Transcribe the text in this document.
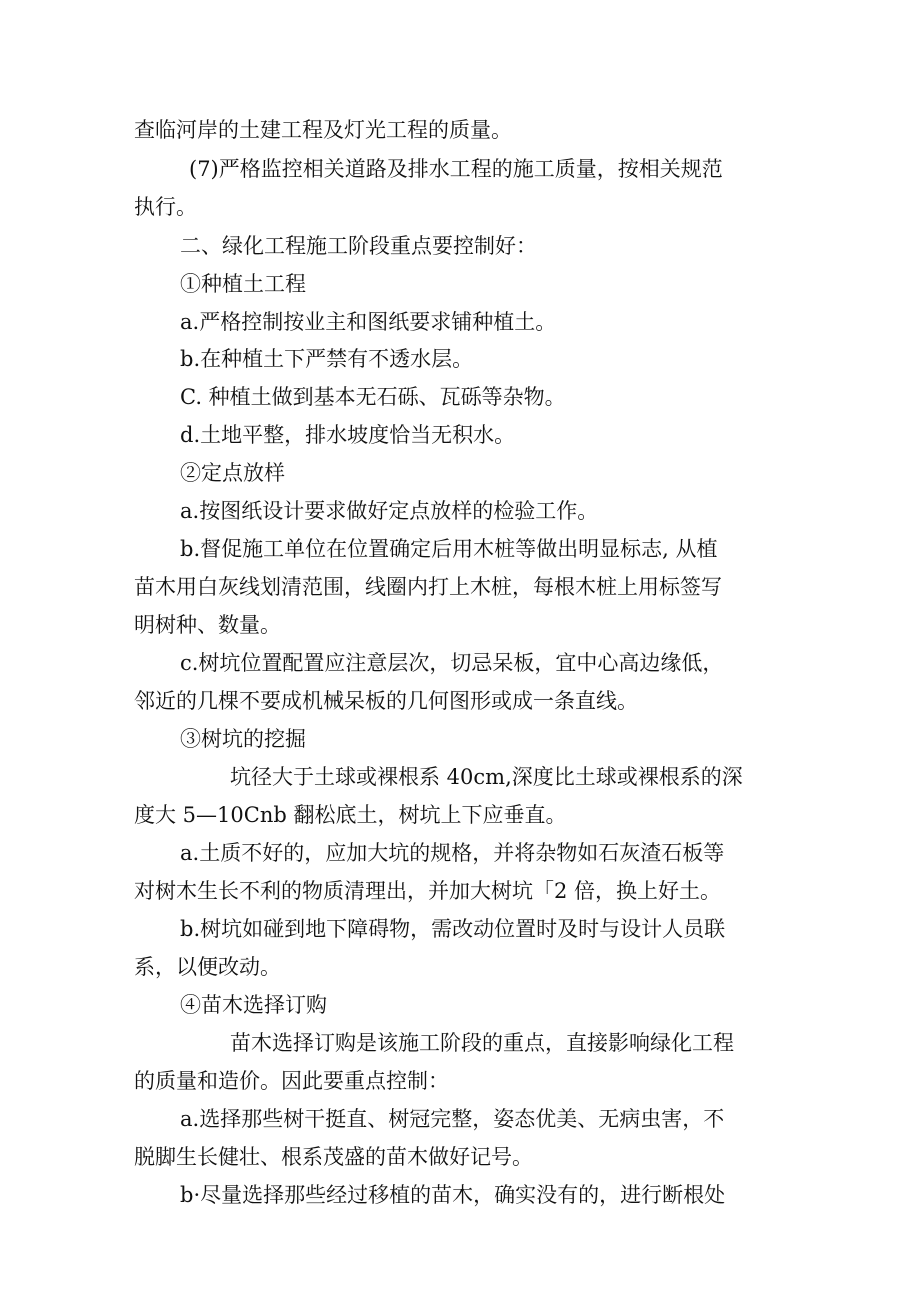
查临河岸的土建工程及灯光工程的质量。
(7)严格监控相关道路及排水工程的施工质量，按相关规范
执行。
二、绿化工程施工阶段重点要控制好：
①种植土工程
a.严格控制按业主和图纸要求铺种植土。
b.在种植土下严禁有不透水层。
C. 种植土做到基本无石砾、瓦砾等杂物。
d.土地平整，排水坡度恰当无积水。
②定点放样
a.按图纸设计要求做好定点放样的检验工作。
b.督促施工单位在位置确定后用木桩等做出明显标志, 从植
苗木用白灰线划清范围，线圈内打上木桩，每根木桩上用标签写
明树种、数量。
c.树坑位置配置应注意层次，切忌呆板，宜中心高边缘低，
邻近的几棵不要成机械呆板的几何图形或成一条直线。
③树坑的挖掘
坑径大于土球或裸根系 40cm,深度比土球或裸根系的深
度大 5—10Cnb 翻松底土，树坑上下应垂直。
a.土质不好的，应加大坑的规格，并将杂物如石灰渣石板等
对树木生长不利的物质清理出，并加大树坑「2 倍，换上好土。
b.树坑如碰到地下障碍物，需改动位置时及时与设计人员联
系，以便改动。
④苗木选择订购
苗木选择订购是该施工阶段的重点，直接影响绿化工程
的质量和造价。因此要重点控制：
a.选择那些树干挺直、树冠完整，姿态优美、无病虫害，不
脱脚生长健壮、根系茂盛的苗木做好记号。
b·尽量选择那些经过移植的苗木，确实没有的，进行断根处
